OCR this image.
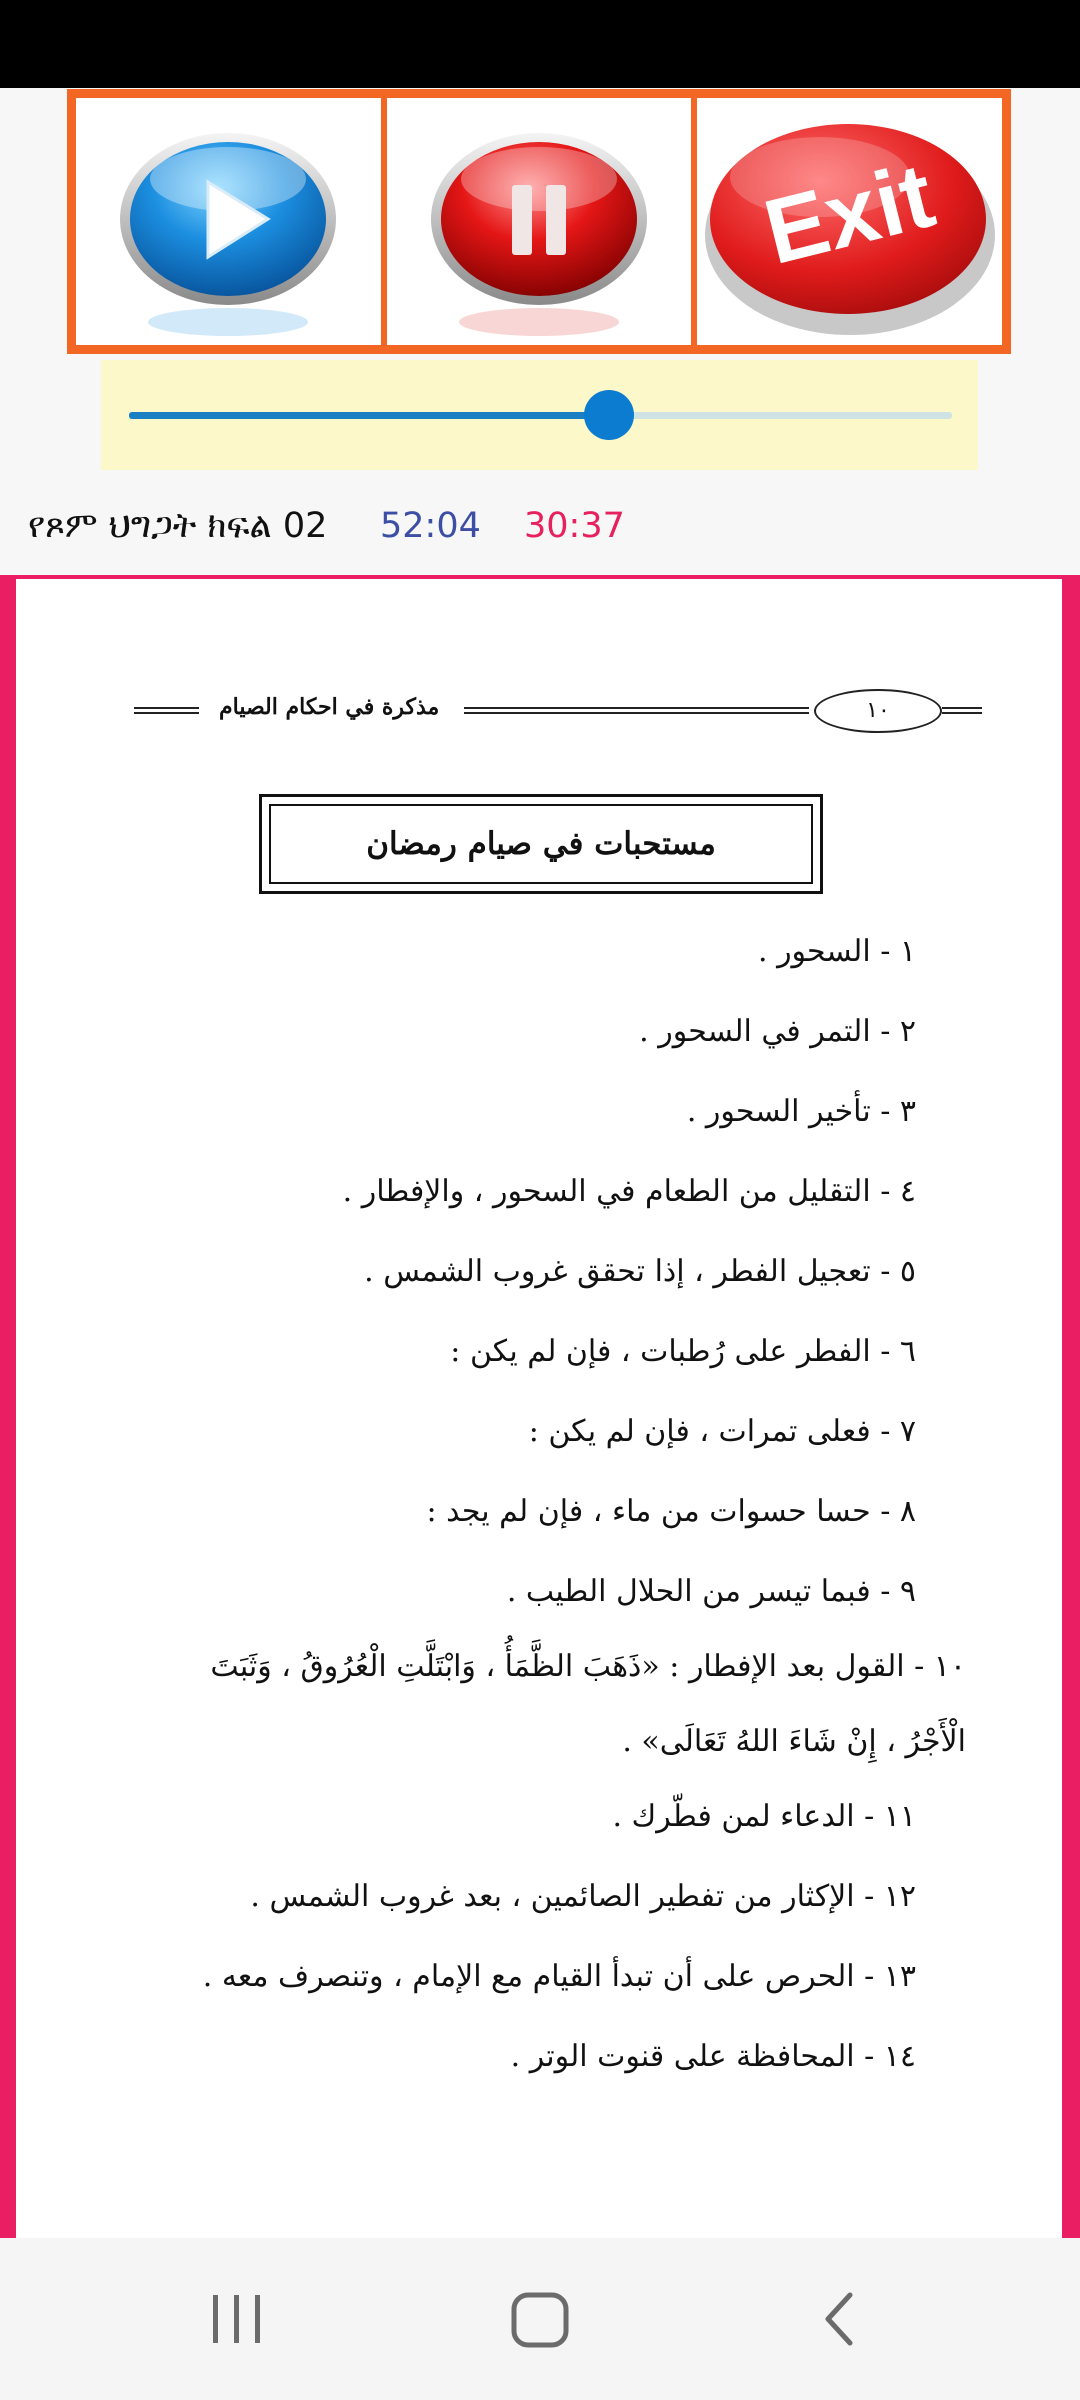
Exit
የጾም ህግጋት ክፍል 02 52:04 30:37
مذكرة في احكام الصيام	١٠
مستحبات في صيام رمضان
١ - السحور .
٢ - التمر في السحور .
٣ - تأخير السحور .
٤ - التقليل من الطعام في السحور ، والإفطار .
٥ - تعجيل الفطر ، إذا تحقق غروب الشمس .
٦ - الفطر على رُطبات ، فإن لم يكن :
٧ - فعلى تمرات ، فإن لم يكن :
٨ - حسا حسوات من ماء ، فإن لم يجد :
٩ - فبما تيسر من الحلال الطيب .
١٠ - القول بعد الإفطار : «ذَهَبَ الظَّمَأُ ، وَابْتَلَّتِ الْعُرُوقُ ، وَثَبَتَ
الْأَجْرُ ، إِنْ شَاءَ اللهُ تَعَالَى» .
١١ - الدعاء لمن فطّرك .
١٢ - الإكثار من تفطير الصائمين ، بعد غروب الشمس .
١٣ - الحرص على أن تبدأ القيام مع الإمام ، وتنصرف معه .
١٤ - المحافظة على قنوت الوتر .
